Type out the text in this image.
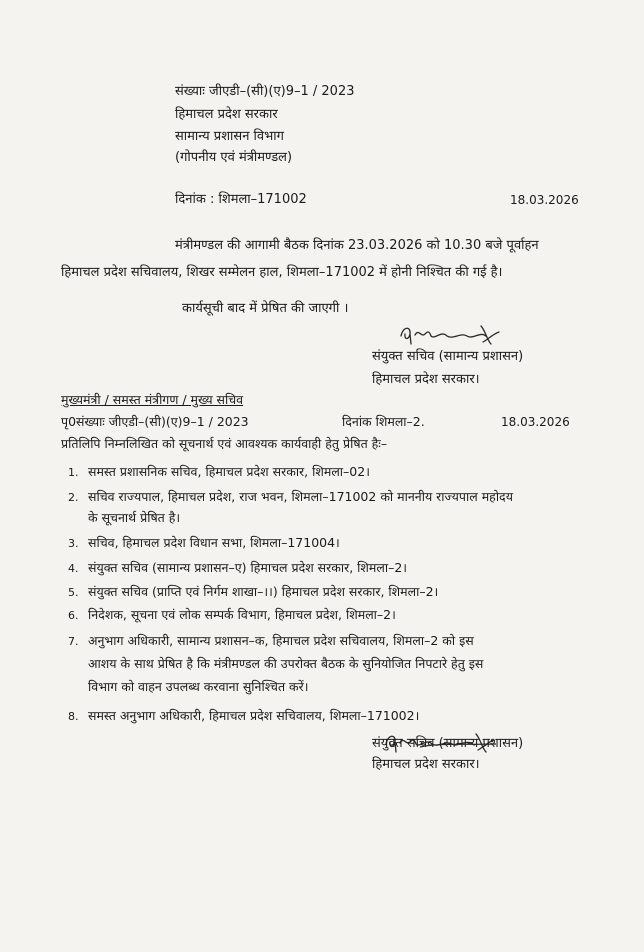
संख्याः जीएडी–(सी)(ए)9–1 / 2023
हिमाचल प्रदेश सरकार
सामान्य प्रशासन विभाग
(गोपनीय एवं मंत्रीमण्डल)
दिनांक : शिमला–171002	18.03.2026
मंत्रीमण्डल की आगामी बैठक दिनांक 23.03.2026 को 10.30 बजे पूर्वाहन
हिमाचल प्रदेश सचिवालय, शिखर सम्मेलन हाल, शिमला–171002 में होनी निश्चित की गई है।
कार्यसूची बाद में प्रेषित की जाएगी ।
संयुक्त सचिव (सामान्य प्रशासन)
हिमाचल प्रदेश सरकार।
मुख्यमंत्री / समस्त मंत्रीगण / मुख्य सचिव
पृ0संख्याः जीएडी–(सी)(ए)9–1 / 2023	दिनांक शिमला–2.	18.03.2026
प्रतिलिपि निम्नलिखित को सूचनार्थ एवं आवश्यक कार्यवाही हेतु प्रेषित हैः–
1. समस्त प्रशासनिक सचिव, हिमाचल प्रदेश सरकार, शिमला–02।
2. सचिव राज्यपाल, हिमाचल प्रदेश, राज भवन, शिमला–171002 को माननीय राज्यपाल महोदय
के सूचनार्थ प्रेषित है।
3. सचिव, हिमाचल प्रदेश विधान सभा, शिमला–171004।
4. संयुक्त सचिव (सामान्य प्रशासन–ए) हिमाचल प्रदेश सरकार, शिमला–2।
5. संयुक्त सचिव (प्राप्ति एवं निर्गम शाखा–।।) हिमाचल प्रदेश सरकार, शिमला–2।
6. निदेशक, सूचना एवं लोक सम्पर्क विभाग, हिमाचल प्रदेश, शिमला–2।
7. अनुभाग अधिकारी, सामान्य प्रशासन–क, हिमाचल प्रदेश सचिवालय, शिमला–2 को इस
आशय के साथ प्रेषित है कि मंत्रीमण्डल की उपरोक्त बैठक के सुनियोजित निपटारे हेतु इस
विभाग को वाहन उपलब्ध करवाना सुनिश्चित करें।
8. समस्त अनुभाग अधिकारी, हिमाचल प्रदेश सचिवालय, शिमला–171002।
संयुक्त सचिव (सामान्य प्रशासन)
हिमाचल प्रदेश सरकार।
